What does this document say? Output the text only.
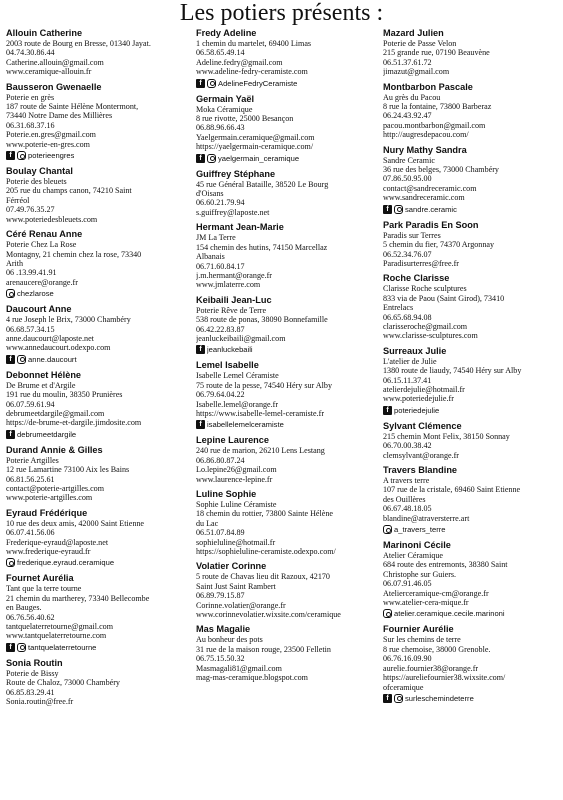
Les potiers présents :
Allouin Catherine
2003 route de Bourg en Bresse, 01340 Jayat.
04.74.30.86.44
Catherine.allouin@gmail.com
www.ceramique-allouin.fr
Bausseron Gwenaelle
Poterie en grès
187 route de Sainte Hélène Montermont,
73440 Notre Dame des Millières
06.31.68.37.16
Poterie.en.gres@gmail.com
www.poterie-en-gres.com
f	poterieengres
Boulay Chantal
Poterie des bleuets
205 rue du champs canon, 74210 Saint
Férréol
07.49.76.35.27
www.poteriedesbleuets.com
Céré Renau Anne
Poterie Chez La Rose
Montagny, 21 chemin chez la rose, 73340
Arith
06 .13.99.41.91
arenaucere@orange.fr
chezlarose
Daucourt Anne
4 rue Joseph le Brix, 73000 Chambéry
06.68.57.34.15
anne.daucourt@laposte.net
www.annedaucourt.odexpo.com
f	anne.daucourt
Debonnet Hélène
De Brume et d'Argile
191 rue du moulin, 38350 Prunières
06.07.59.61.94
debrumeetdargile@gmail.com
https://de-brume-et-dargile.jimdosite.com
f debrumeetdargile
Durand Annie & Gilles
Poterie Artgilles
12 rue Lamartine 73100 Aix les Bains
06.81.56.25.61
contact@poterie-artgilles.com
www.poterie-artgilles.com
Eyraud Frédérique
10 rue des deux amis, 42000 Saint Etienne
06.07.41.56.06
Frederique-eyraud@laposte.net
www.frederique-eyraud.fr
frederique.eyraud.ceramique
Fournet Aurélia
Tant que la terre tourne
21 chemin du martherey, 73340 Bellecombe
en Bauges.
06.76.56.40.62
tantquelaterretourne@gmail.com
www.tantquelaterretourne.com
f	tantquelaterretourne
Sonia Routin
Poterie de Bissy
Route de Chaloz, 73000 Chambéry
06.85.83.29.41
Sonia.routin@free.fr
Fredy Adeline
1 chemin du martelet, 69400 Limas
06.58.65.49.14
Adeline.fedry@gmail.com
www.adeline-fedry-ceramiste.com
f	AdelineFedryCeramiste
Germain Yaël
Moka Céramique
8 rue rivotte, 25000 Besançon
06.88.96.66.43
Yaelgermain.ceramique@gmail.com
https://yaelgermain-ceramique.com/
f	yaelgermain_ceramique
Guiffrey Stéphane
45 rue Général Bataille, 38520 Le Bourg
d'Oisans
06.60.21.79.94
s.guiffrey@laposte.net
Hermant Jean-Marie
JM La Terre
154 chemin des hutins, 74150 Marcellaz
Albanais
06.71.60.84.17
j.m.hermant@orange.fr
www.jmlaterre.com
Keibaili Jean-Luc
Poterie Rêve de Terre
538 route de ponas, 38090 Bonnefamille
06.42.22.83.87
jeanluckeibaili@gmail.com
f jeanluckebaili
Lemel Isabelle
Isabelle Lemel Céramiste
75 route de la pesse, 74540 Héry sur Alby
06.79.64.04.22
Isabelle.lemel@orange.fr
https://www.isabelle-lemel-ceramiste.fr
f isabellelemelceramiste
Lepine Laurence
240 rue de marion, 26210 Lens Lestang
06.86.80.87.24
Lo.lepine26@gmail.com
www.laurence-lepine.fr
Luline Sophie
Sophie Luline Céramiste
18 chemin du rottier, 73800 Sainte Hélène
du Lac
06.51.07.84.89
sophieluline@hotmail.fr
https://sophieluline-ceramiste.odexpo.com/
Volatier Corinne
5 route de Chavas lieu dit Razoux, 42170
Saint Just Saint Rambert
06.89.79.15.87
Corinne.volatier@orange.fr
www.corinnevolatier.wixsite.com/ceramique
Mas Magalie
Au bonheur des pots
31 rue de la maison rouge, 23500 Felletin
06.75.15.50.32
Masmagali81@gmail.com
mag-mas-ceramique.blogspot.com
Mazard Julien
Poterie de Passe Velon
215 grande rue, 07190 Beauvène
06.51.37.61.72
jimazut@gmail.com
Montbarbon Pascale
Au grès du Pacou
8 rue la fontaine, 73800 Barberaz
06.24.43.92.47
pacou.montbarbon@gmail.com
http://augresdepacou.com/
Nury Mathy Sandra
Sandre Ceramic
36 rue des belges, 73000 Chambéry
07.86.50.95.00
contact@sandreceramic.com
www.sandreceramic.com
f	sandre.ceramic
Park Paradis En Soon
Paradis sur Terres
5 chemin du fier, 74370 Argonnay
06.52.34.76.07
Paradisurterres@free.fr
Roche Clarisse
Clarisse Roche sculptures
833 via de Paou (Saint Girod), 73410
Entrelacs
06.65.68.94.08
clarisseroche@gmail.com
www.clarisse-sculptures.com
Surreaux Julie
L'atelier de Julie
1380 route de liaudy, 74540 Héry sur Alby
06.15.11.37.41
atelierdejulie@hotmail.fr
www.poteriedejulie.fr
f poteriedejulie
Sylvant Clémence
215 chemin Mont Felix, 38150 Sonnay
06.70.00.38.42
clemsylvant@orange.fr
Travers Blandine
A travers terre
107 rue de la cristale, 69460 Saint Etienne
des Ouillères
06.67.48.18.05
blandine@atraversterre.art
a_travers_terre
Marinoni Cécile
Atelier Céramique
684 route des entremonts, 38380 Saint
Christophe sur Guiers.
06.07.91.46.05
Atelierceramique-cm@orange.fr
www.atelier-cera-mique.fr
atelier.ceramique.cecile.marinoni
Fournier Aurélie
Sur les chemins de terre
8 rue chemoise, 38000 Grenoble.
06.76.16.09.90
aurelie.fournier38@orange.fr
https://aureliefournier38.wixsite.com/
ofceramique
f	surleschemindeterre
